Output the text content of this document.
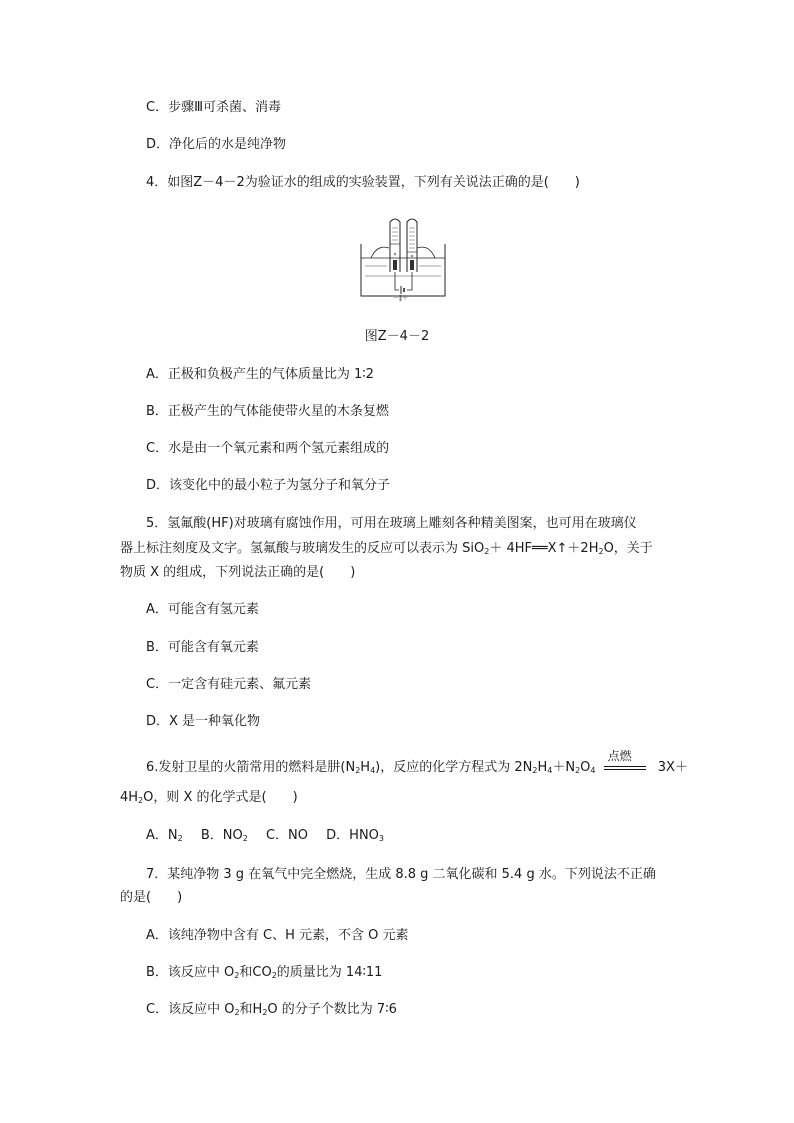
C．步骤Ⅲ可杀菌、消毒
D．净化后的水是纯净物
4．如图Z－4－2为验证水的组成的实验装置，下列有关说法正确的是( )
－‖＋
图Z－4－2
A．正极和负极产生的气体质量比为 1∶2
B．正极产生的气体能使带火星的木条复燃
C．水是由一个氧元素和两个氢元素组成的
D．该变化中的最小粒子为氢分子和氧分子
5．氢氟酸(HF)对玻璃有腐蚀作用，可用在玻璃上雕刻各种精美图案，也可用在玻璃仪
器上标注刻度及文字。氢氟酸与玻璃发生的反应可以表示为 $SiO_2+ 4HF══X↑+2H_2O$，关于
物质 X 的组成，下列说法正确的是( )
A．可能含有氢元素
B．可能含有氧元素
C．一定含有硅元素、氟元素
D．X 是一种氧化物
6.发射卫星的火箭常用的燃料是肼$(N_2H_4)$，反应的化学方程式为 $2N_2H_4+N_2O_4$
点燃
3X＋
$4H_2O$，则 X 的化学式是( )
A．$N_2$ B．$NO_2$ C．NO D．$HNO_3$
7．某纯净物 3 g 在氧气中完全燃烧，生成 8.8 g 二氧化碳和 5.4 g 水。下列说法不正确
的是( )
A．该纯净物中含有 C、H 元素，不含 O 元素
B．该反应中 $O_2$和$CO_2$的质量比为 14∶11
C．该反应中 $O_2$和$H_2O$ 的分子个数比为 7∶6
